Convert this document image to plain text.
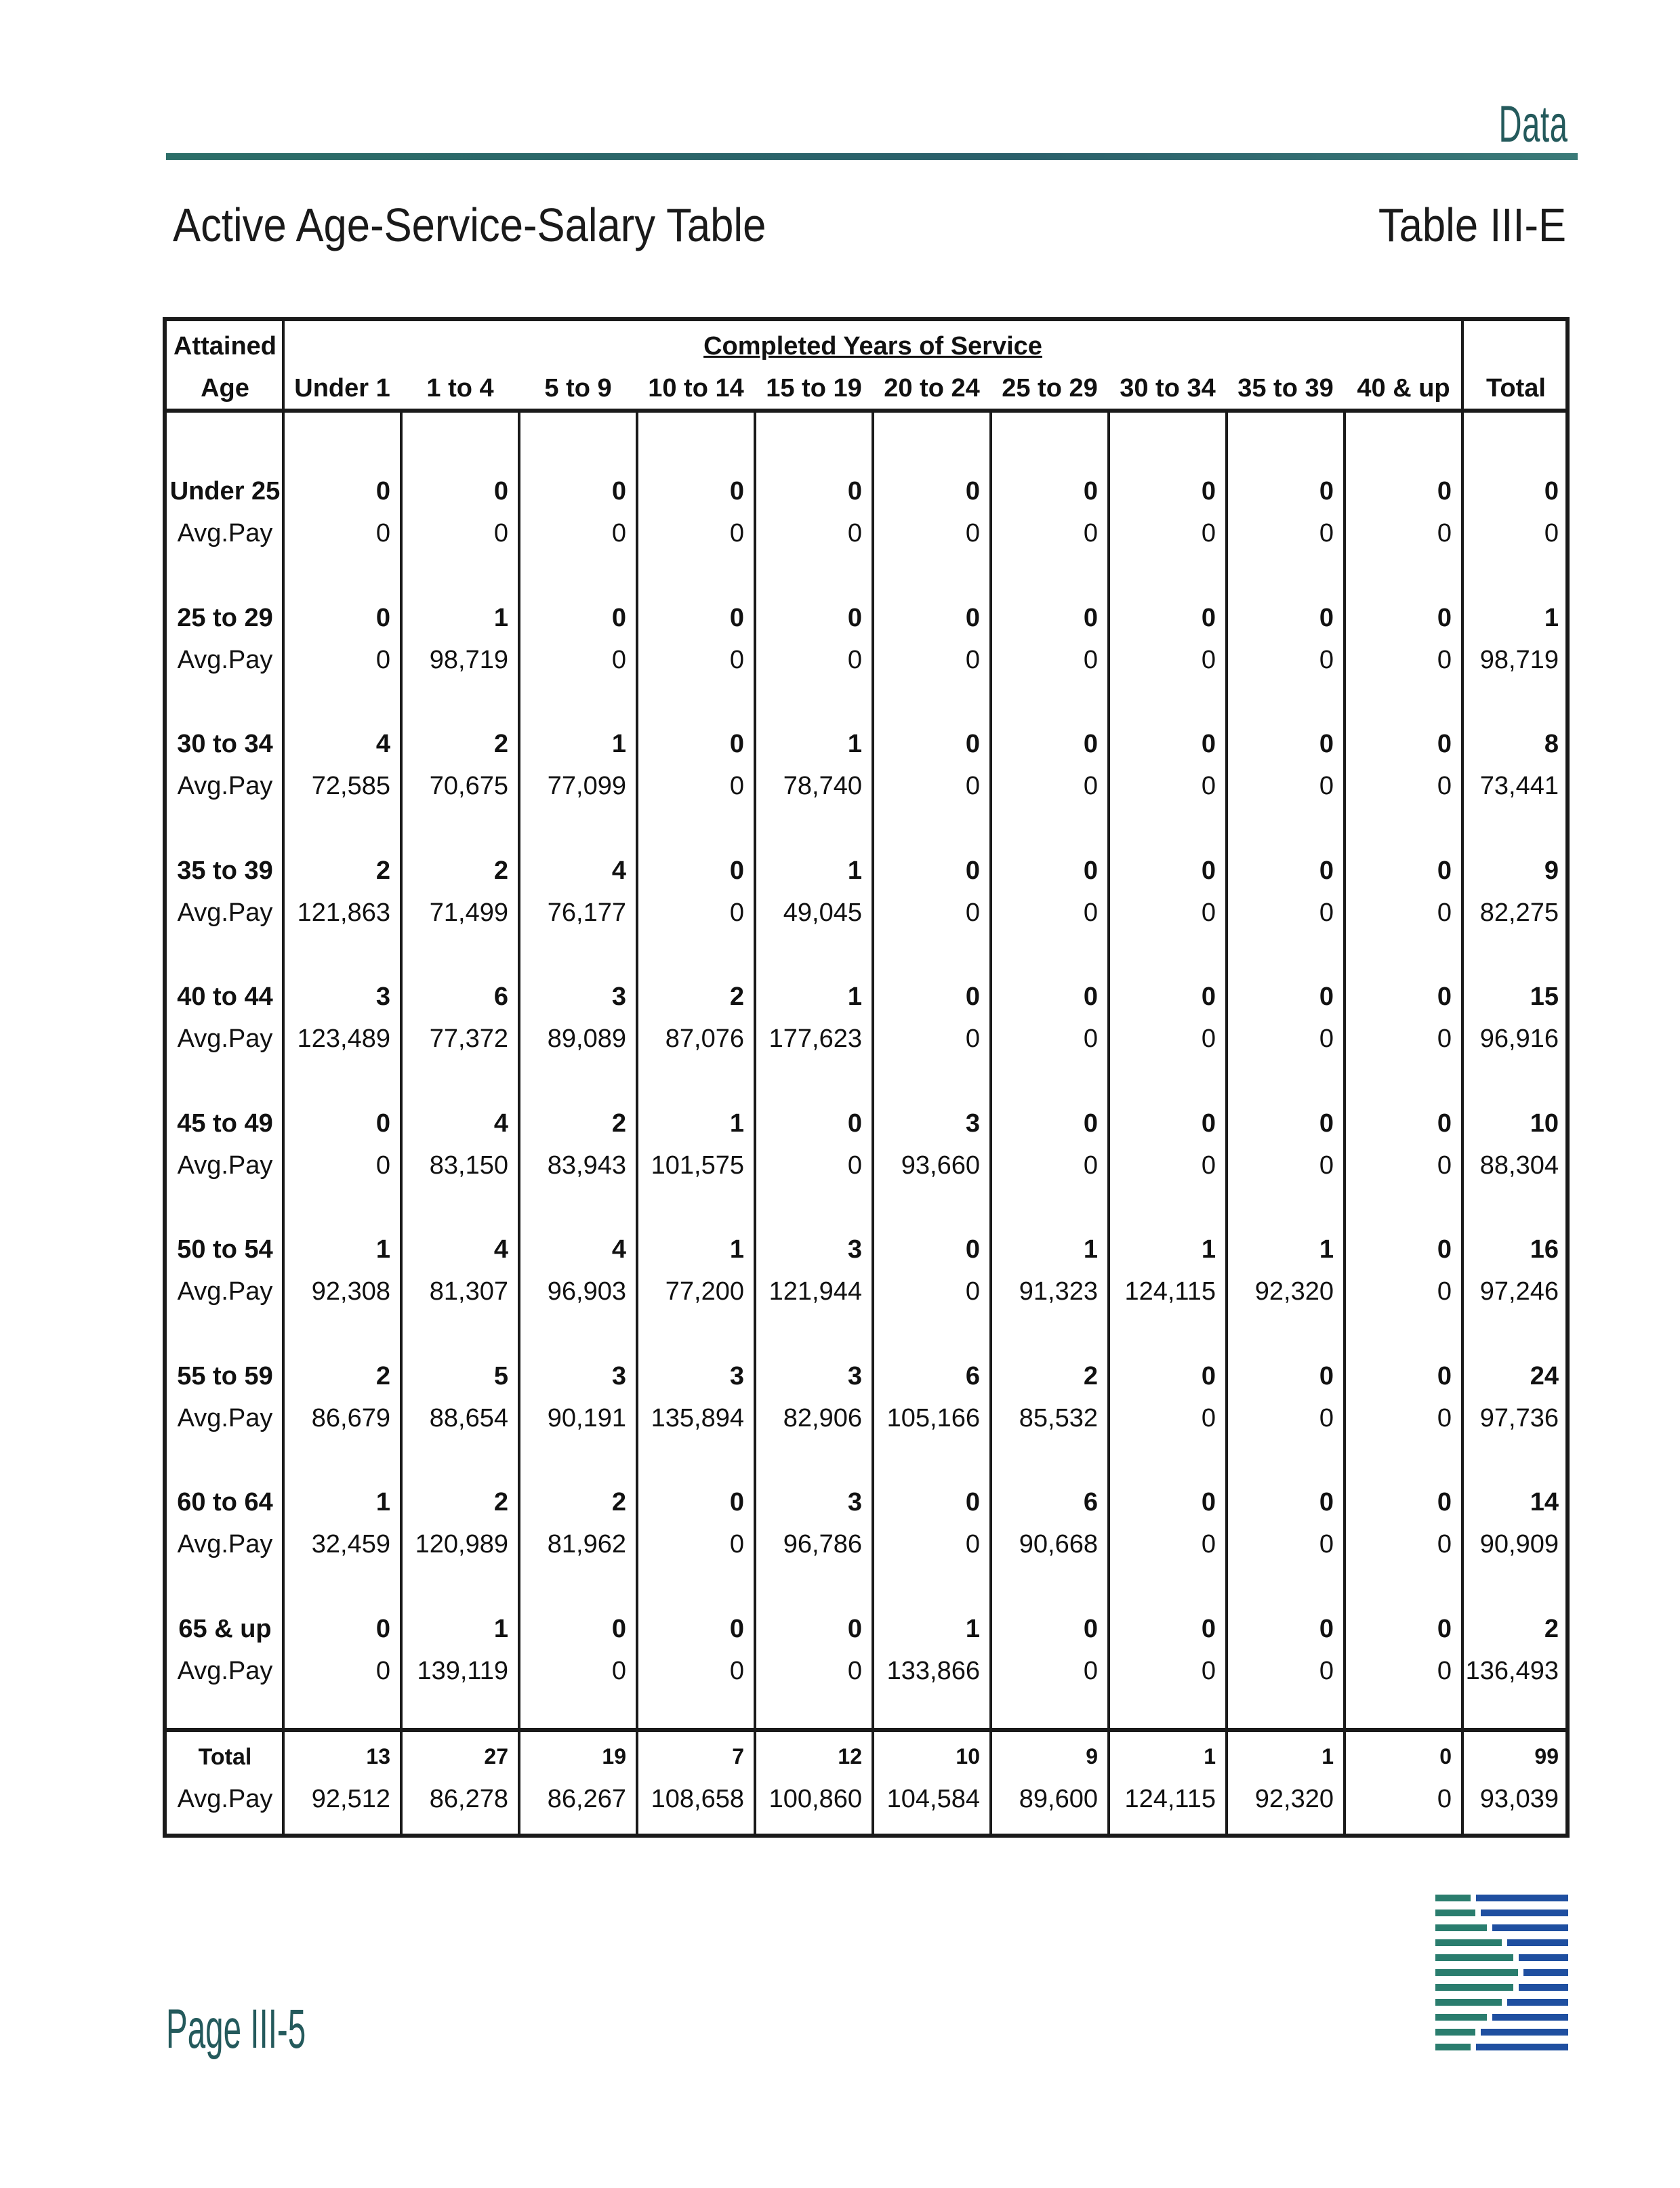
Data
Active Age-Service-Salary Table	Table III-E
Attained
Age
Completed Years of Service
Under 1	1 to 4	5 to 9	10 to 14 15 to 19 20 to 24 25 to 29 30 to 34 35 to 39 40 & up	Total
Under 25
Avg.Pay
0	0	0	0	0	0	0	0	0	0	0
0	0	0	0	0	0	0	0	0	0	0
25 to 29
Avg.Pay
0	1	0	0	0	0	0	0	0	0	1
0	98,719	0	0	0	0	0	0	0	0	98,719
30 to 34
Avg.Pay
4	2	1	0	1	0	0	0	0	0	8
72,585	70,675	77,099	0	78,740	0	0	0	0	0	73,441
35 to 39
Avg.Pay
2	2	4	0	1	0	0	0	0	0	9
121,863	71,499	76,177	0	49,045	0	0	0	0	0	82,275
40 to 44
Avg.Pay
3	6	3	2	1	0	0	0	0	0	15
123,489	77,372	89,089	87,076 177,623	0	0	0	0	0	96,916
45 to 49
Avg.Pay
0	4	2	1	0	3	0	0	0	0	10
0	83,150	83,943 101,575	0	93,660	0	0	0	0	88,304
50 to 54
Avg.Pay
1	4	4	1	3	0	1	1	1	0	16
92,308	81,307	96,903	77,200 121,944	0	91,323	124,115	92,320	0	97,246
55 to 59
Avg.Pay
2	5	3	3	3	6	2	0	0	0	24
86,679	88,654	90,191 135,894	82,906 105,166	85,532	0	0	0	97,736
60 to 64
Avg.Pay
1	2	2	0	3	0	6	0	0	0	14
32,459 120,989	81,962	0	96,786	0	90,668	0	0	0	90,909
65 & up
Avg.Pay
0	1	0	0	0	1	0	0	0	0	2
0	139,119	0	0	0 133,866	0	0	0	0 136,493
Total
Avg.Pay
13	27	19	7	12	10	9	1	1	0	99
92,512	86,278	86,267 108,658 100,860 104,584	89,600	124,115	92,320	0	93,039
Page III-5
